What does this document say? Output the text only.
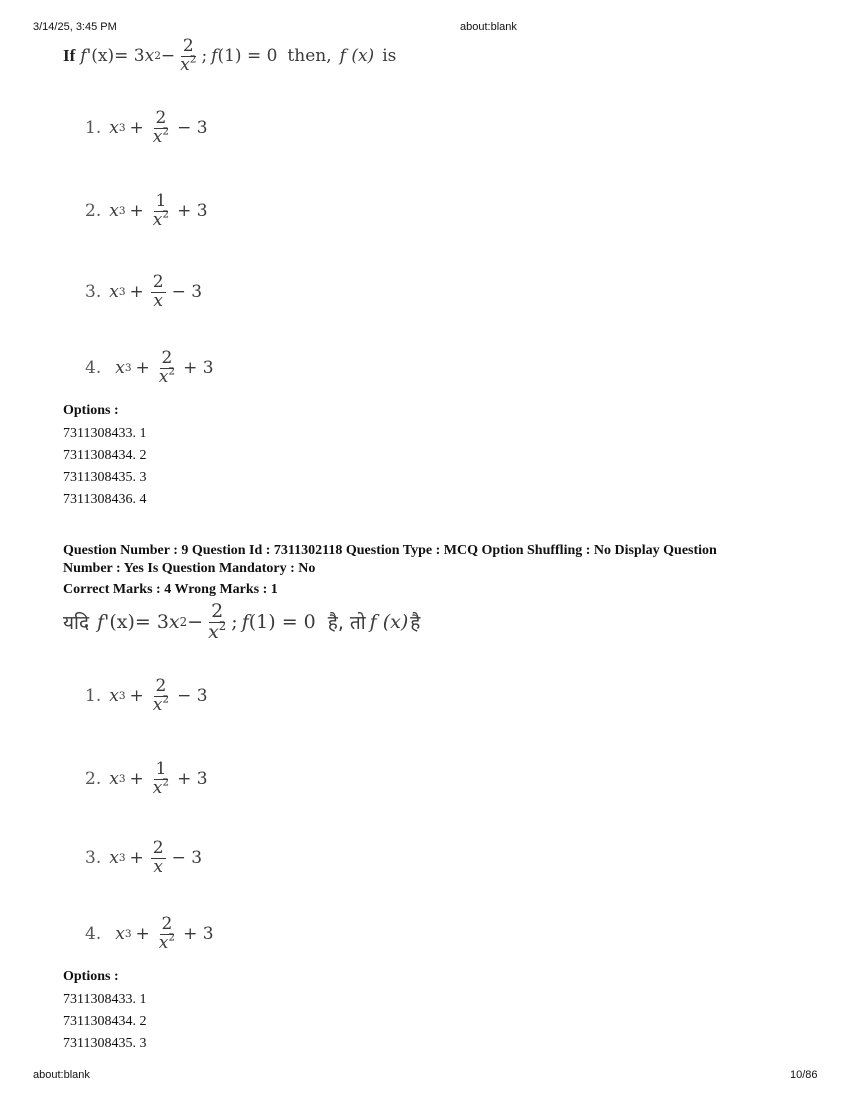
3/14/25, 3:45 PM	about:blank
If f ' (x) = 3 x $2 - \frac{2}{x^2}$ ; f (1) = 0 then, f (x) is
1. x $3 + \frac{2}{x^2} - 3$
2. x $3 + \frac{1}{x^2} + 3$
3. x $3 + \frac{2}{x} - 3$
4. x $3 + \frac{2}{x^2} + 3$
Options :
7311308433. 1
7311308434. 2
7311308435. 3
7311308436. 4
Question Number : 9 Question Id : 7311302118 Question Type : MCQ Option Shuffling : No Display Question
Number : Yes Is Question Mandatory : No
Correct Marks : 4 Wrong Marks : 1
यदि f ' (x) = 3 x $2 - \frac{2}{x^2}$ ; f (1) = 0 है, तो f (x) है
1. x $3 + \frac{2}{x^2} - 3$
2. x $3 + \frac{1}{x^2} + 3$
3. x $3 + \frac{2}{x} - 3$
4. x $3 + \frac{2}{x^2} + 3$
Options :
7311308433. 1
7311308434. 2
7311308435. 3
about:blank	10/86
